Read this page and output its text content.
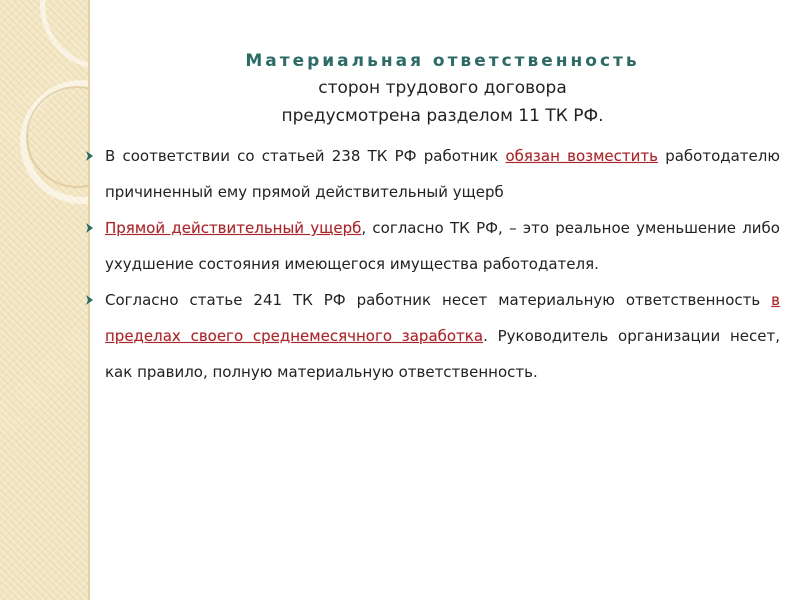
Материальная ответственность
сторон трудового договора
предусмотрена разделом 11 ТК РФ.
В соответствии со статьей 238 ТК РФ работник обязан возместить работодателю причиненный ему прямой действительный ущерб
Прямой действительный ущерб, согласно ТК РФ, – это реальное уменьшение либо ухудшение состояния имеющегося имущества работодателя.
Согласно статье 241 ТК РФ работник несет материальную ответственность в пределах своего среднемесячного заработка. Руководитель организации несет, как правило, полную материальную ответственность.
